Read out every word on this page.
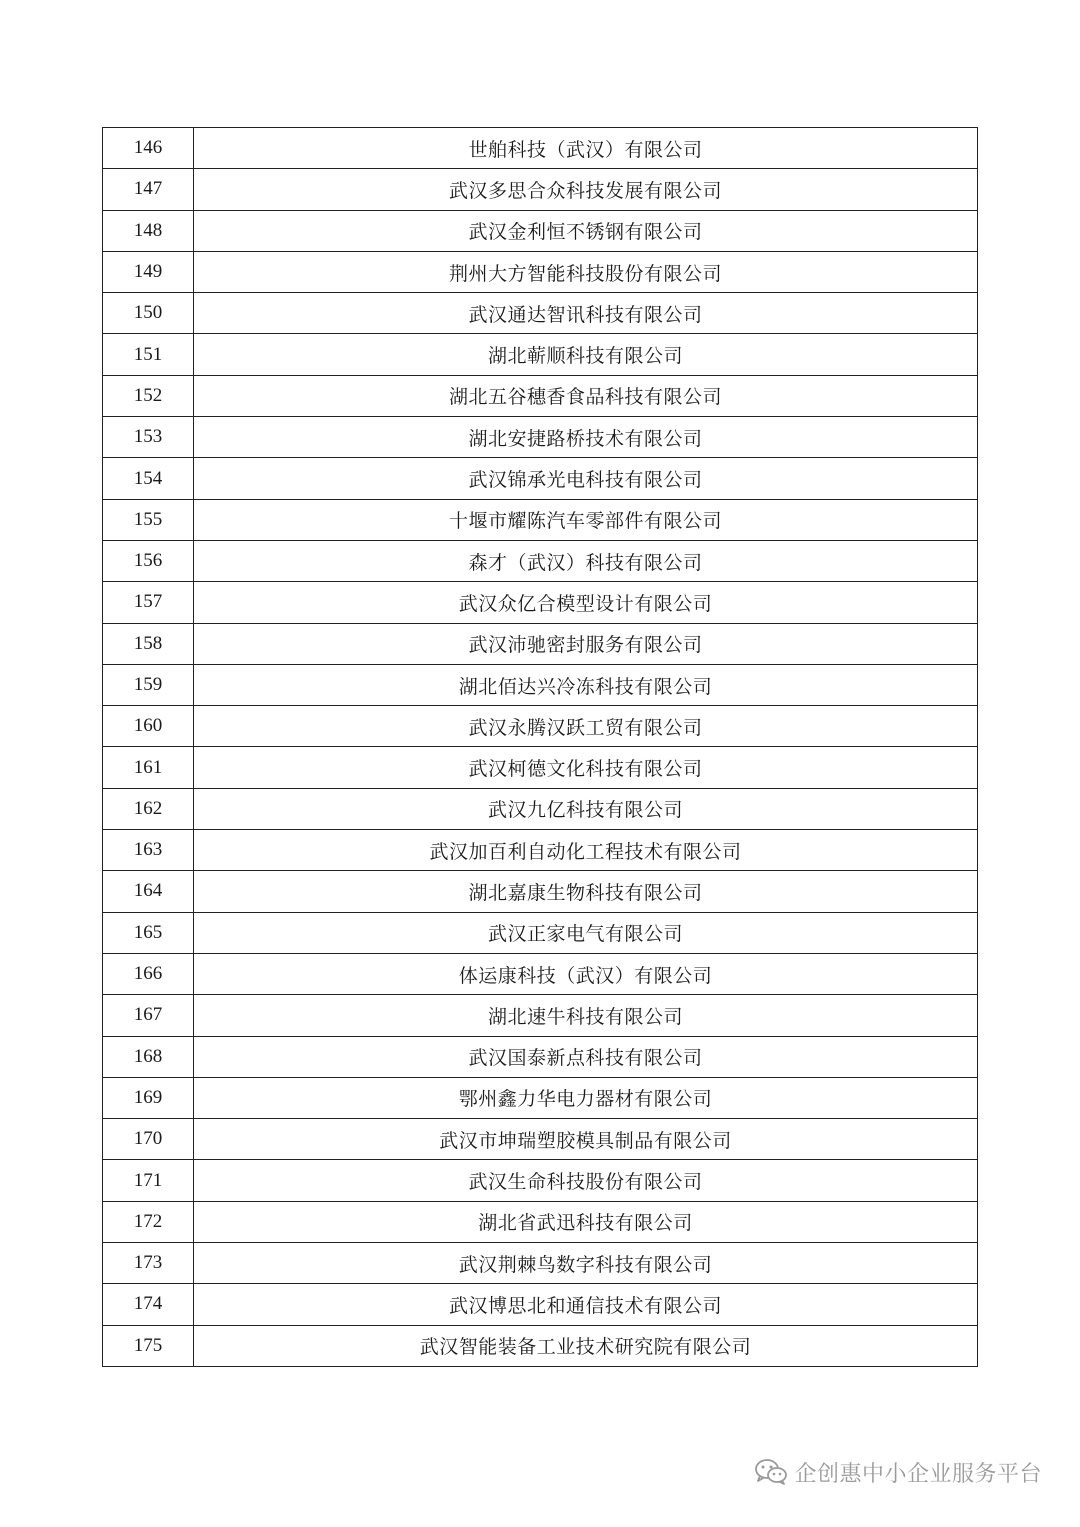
146	世舶科技（武汉）有限公司
147	武汉多思合众科技发展有限公司
148	武汉金利恒不锈钢有限公司
149	荆州大方智能科技股份有限公司
150	武汉通达智讯科技有限公司
151	湖北蕲顺科技有限公司
152	湖北五谷穗香食品科技有限公司
153	湖北安捷路桥技术有限公司
154	武汉锦承光电科技有限公司
155	十堰市耀陈汽车零部件有限公司
156	森才（武汉）科技有限公司
157	武汉众亿合模型设计有限公司
158	武汉沛驰密封服务有限公司
159	湖北佰达兴冷冻科技有限公司
160	武汉永腾汉跃工贸有限公司
161	武汉柯德文化科技有限公司
162	武汉九亿科技有限公司
163	武汉加百利自动化工程技术有限公司
164	湖北嘉康生物科技有限公司
165	武汉正家电气有限公司
166	体运康科技（武汉）有限公司
167	湖北速牛科技有限公司
168	武汉国泰新点科技有限公司
169	鄂州鑫力华电力器材有限公司
170	武汉市坤瑞塑胶模具制品有限公司
171	武汉生命科技股份有限公司
172	湖北省武迅科技有限公司
173	武汉荆棘鸟数字科技有限公司
174	武汉博思北和通信技术有限公司
175	武汉智能装备工业技术研究院有限公司
企创惠中小企业服务平台
